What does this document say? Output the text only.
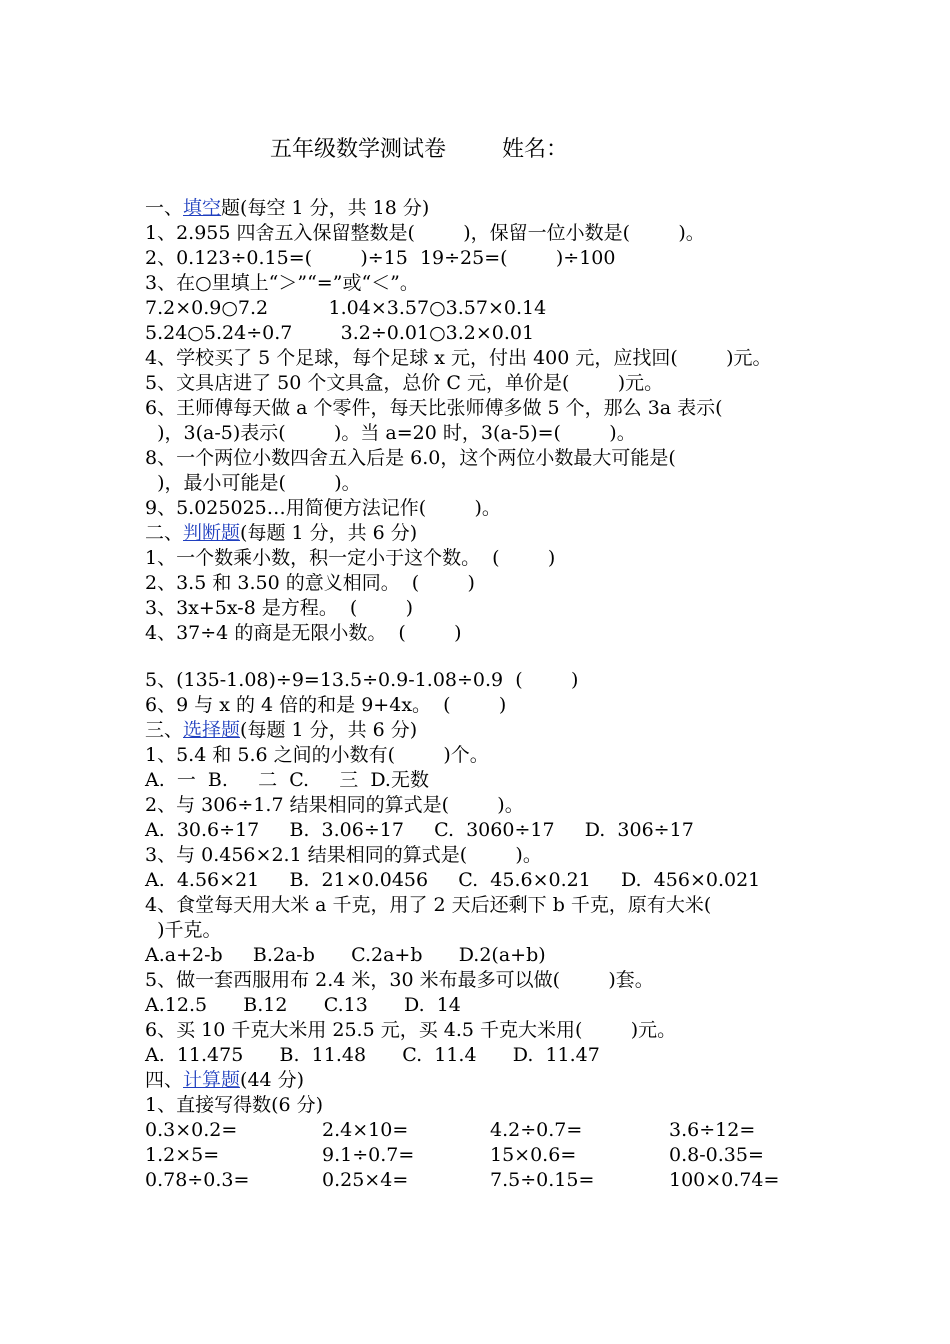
五年级数学测试卷	姓名：
一、填空题(每空 1 分，共 18 分)
1、2.955 四舍五入保留整数是(        )，保留一位小数是(        )。
2、0.123÷0.15=(        )÷15  19÷25=(        )÷100
3、在○里填上“＞”“=”或“＜”。
7.2×0.9○7.2          1.04×3.57○3.57×0.14
5.24○5.24÷0.7        3.2÷0.01○3.2×0.01
4、学校买了 5 个足球，每个足球 x 元，付出 400 元，应找回(        )元。
5、文具店进了 50 个文具盒，总价 C 元，单价是(        )元。
6、王师傅每天做 a 个零件，每天比张师傅多做 5 个，那么 3a 表示(
)，3(a-5)表示(        )。当 a=20 时，3(a-5)=(        )。
8、一个两位小数四舍五入后是 6.0，这个两位小数最大可能是(
)，最小可能是(        )。
9、5.025025…用简便方法记作(        )。
二、判断题(每题 1 分，共 6 分)
1、一个数乘小数，积一定小于这个数。  (        )
2、3.5 和 3.50 的意义相同。  (        )
3、3x+5x-8 是方程。  (        )
4、37÷4 的商是无限小数。  (        )
5、(135-1.08)÷9=13.5÷0.9-1.08÷0.9  (        )
6、9 与 x 的 4 倍的和是 9+4x。  (        )
三、选择题(每题 1 分，共 6 分)
1、5.4 和 5.6 之间的小数有(        )个。
A.  一  B.     二  C.     三  D.无数
2、与 306÷1.7 结果相同的算式是(        )。
A.  30.6÷17     B.  3.06÷17     C.  3060÷17     D.  306÷17
3、与 0.456×2.1 结果相同的算式是(        )。
A.  4.56×21     B.  21×0.0456     C.  45.6×0.21     D.  456×0.021
4、食堂每天用大米 a 千克，用了 2 天后还剩下 b 千克，原有大米(
)千克。
A.a+2-b     B.2a-b      C.2a+b      D.2(a+b)
5、做一套西服用布 2.4 米，30 米布最多可以做(        )套。
A.12.5      B.12      C.13      D.  14
6、买 10 千克大米用 25.5 元，买 4.5 千克大米用(        )元。
A.  11.475      B.  11.48      C.  11.4      D.  11.47
四、计算题(44 分)
1、直接写得数(6 分)
0.3×0.2=	2.4×10=	4.2÷0.7=	3.6÷12=
1.2×5=	9.1÷0.7=	15×0.6=	0.8-0.35=
0.78÷0.3=	0.25×4=	7.5÷0.15=	100×0.74=
